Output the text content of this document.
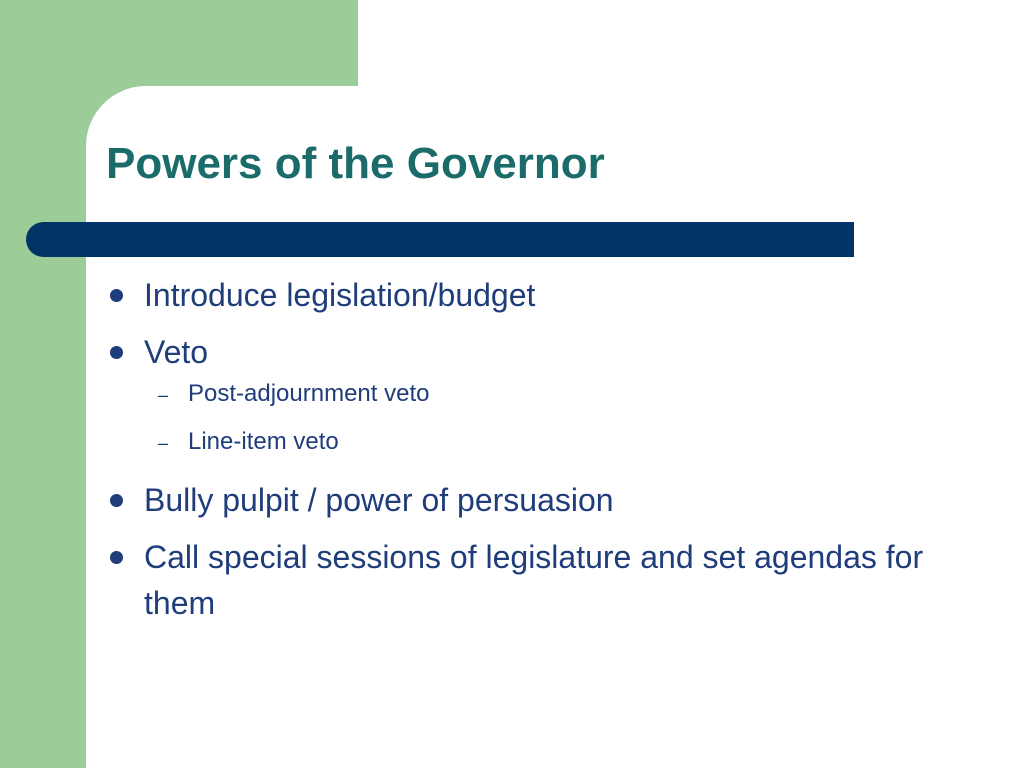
Powers of the Governor
Introduce legislation/budget
Veto
– Post-adjournment veto
– Line-item veto
Bully pulpit / power of persuasion
Call special sessions of legislature and set agendas for them
